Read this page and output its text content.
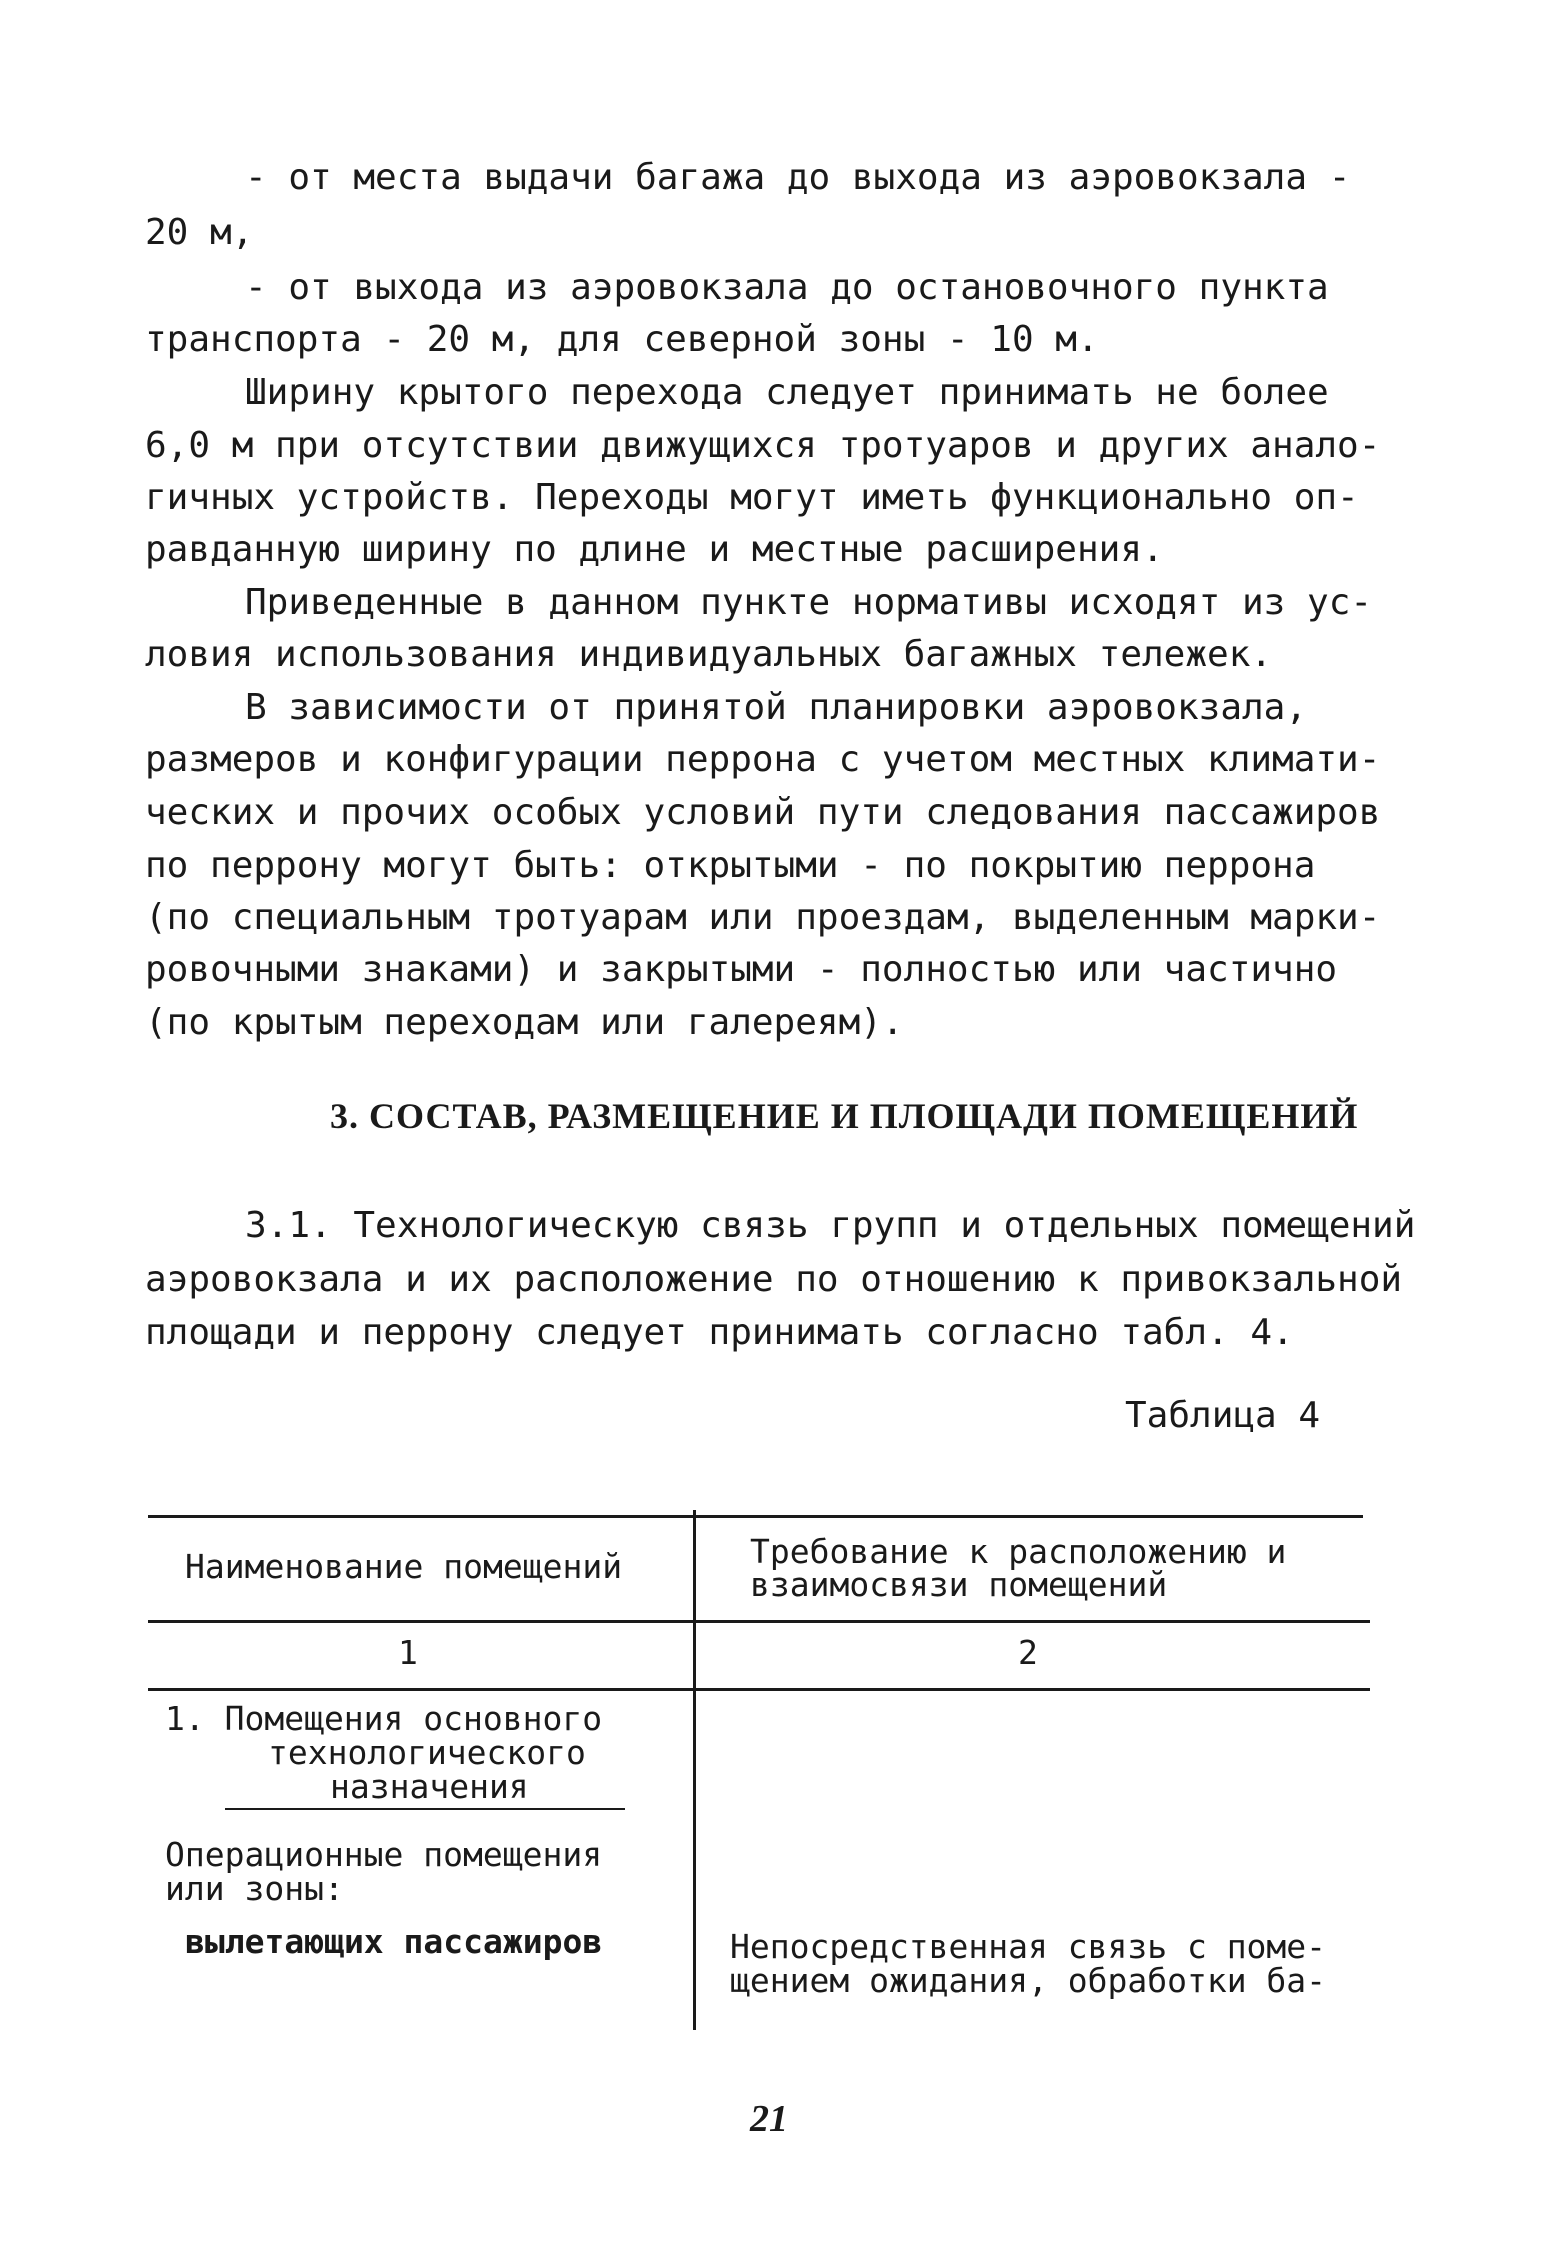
- от места выдачи багажа до выхода из аэровокзала -
20 м,
- от выхода из аэровокзала до остановочного пункта
транспорта - 20 м, для северной зоны - 10 м.
Ширину крытого перехода следует принимать не более
6,0 м при отсутствии движущихся тротуаров и других анало-
гичных устройств. Переходы могут иметь функционально оп-
равданную ширину по длине и местные расширения.
Приведенные в данном пункте нормативы исходят из ус-
ловия использования индивидуальных багажных тележек.
В зависимости от принятой планировки аэровокзала,
размеров и конфигурации перрона с учетом местных климати-
ческих и прочих особых условий пути следования пассажиров
по перрону могут быть: открытыми - по покрытию перрона
(по специальным тротуарам или проездам, выделенным марки-
ровочными знаками) и закрытыми - полностью или частично
(по крытым переходам или галереям).
3. СОСТАВ, РАЗМЕЩЕНИЕ И ПЛОЩАДИ ПОМЕЩЕНИЙ
3.1. Технологическую связь групп и отдельных помещений
аэровокзала и их расположение по отношению к привокзальной
площади и перрону следует принимать согласно табл. 4.
Таблица 4
Наименование помещений	Требование к расположению и
взаимосвязи помещений
1	2
1. Помещения основного
технологического
назначения
Операционные помещения
или зоны:
вылетающих пассажиров	Непосредственная связь с поме-
щением ожидания, обработки ба-
21
